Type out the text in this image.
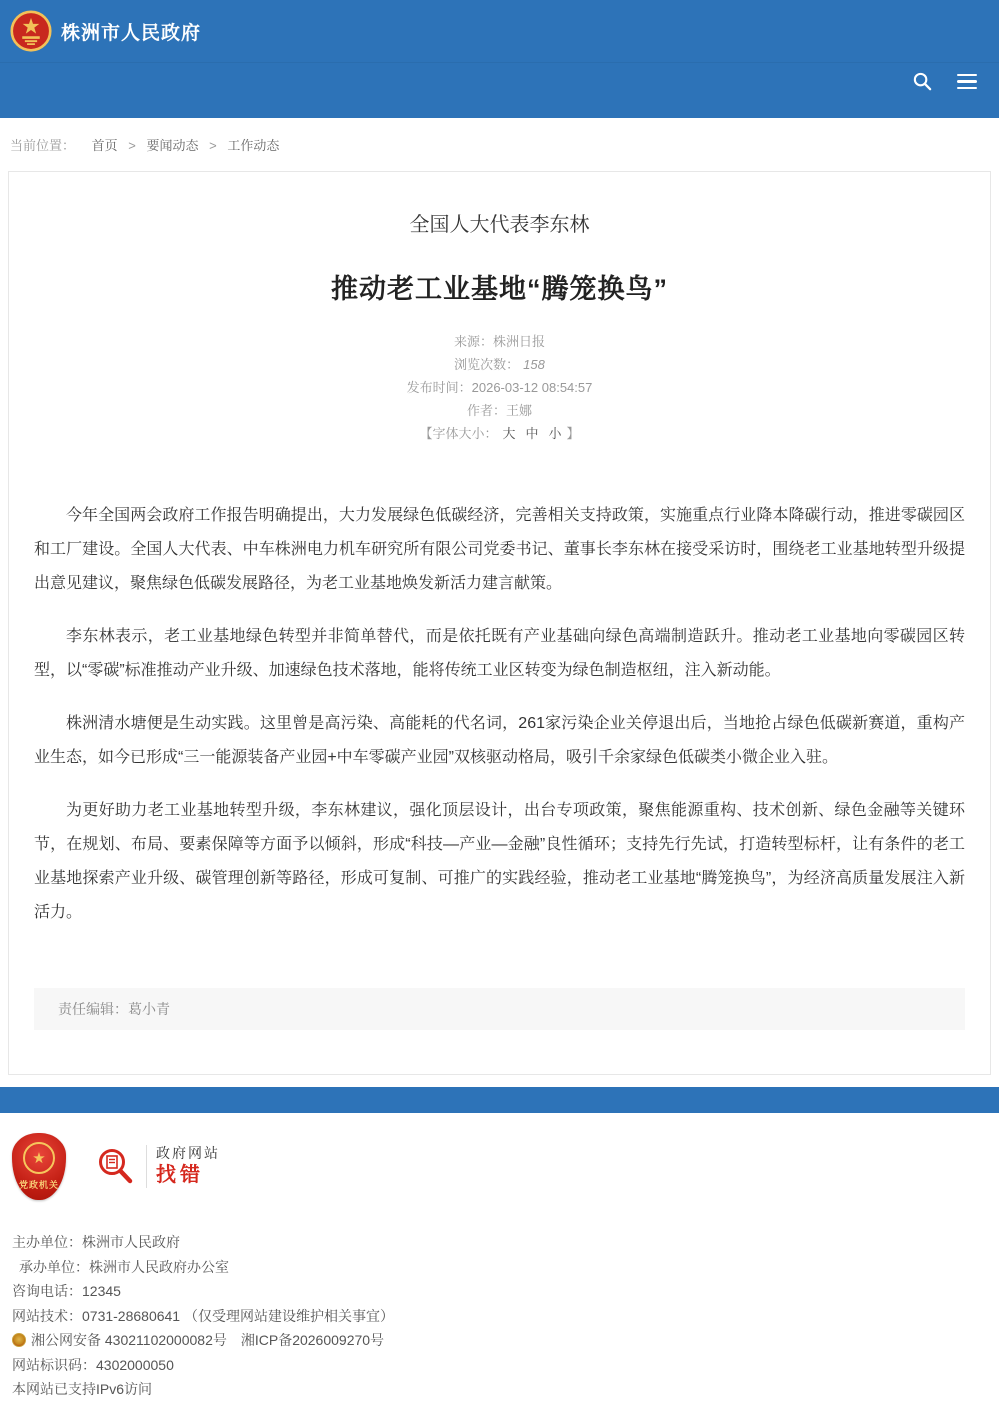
株洲市人民政府
当前位置： 首页 > 要闻动态 > 工作动态
全国人大代表李东林
推动老工业基地“腾笼换鸟”
来源：株洲日报
浏览次数： 158
发布时间：2026-03-12 08:54:57
作者：王娜
【字体大小： 大 中 小 】

今年全国两会政府工作报告明确提出，大力发展绿色低碳经济，完善相关支持政策，实施重点行业降本降碳行动，推进零碳园区和工厂建设。全国人大代表、中车株洲电力机车研究所有限公司党委书记、董事长李东林在接受采访时，围绕老工业基地转型升级提出意见建议，聚焦绿色低碳发展路径，为老工业基地焕发新活力建言献策。

李东林表示，老工业基地绿色转型并非简单替代，而是依托既有产业基础向绿色高端制造跃升。推动老工业基地向零碳园区转型，以“零碳”标准推动产业升级、加速绿色技术落地，能将传统工业区转变为绿色制造枢纽，注入新动能。

株洲清水塘便是生动实践。这里曾是高污染、高能耗的代名词，261家污染企业关停退出后，当地抢占绿色低碳新赛道，重构产业生态，如今已形成“三一能源装备产业园+中车零碳产业园”双核驱动格局，吸引千余家绿色低碳类小微企业入驻。

为更好助力老工业基地转型升级，李东林建议，强化顶层设计，出台专项政策，聚焦能源重构、技术创新、绿色金融等关键环节，在规划、布局、要素保障等方面予以倾斜，形成“科技—产业—金融”良性循环；支持先行先试，打造转型标杆，让有条件的老工业基地探索产业升级、碳管理创新等路径，形成可复制、可推广的实践经验，推动老工业基地“腾笼换鸟”，为经济高质量发展注入新活力。

责任编辑：葛小青
★
党政机关
政府网站
找错

主办单位：株洲市人民政府

承办单位：株洲市人民政府办公室

咨询电话：12345

网站技术：0731-28680641 （仅受理网站建设维护相关事宜）

湘公网安备 43021102000082号 湘ICP备2026009270号

网站标识码：4302000050

本网站已支持IPv6访问
